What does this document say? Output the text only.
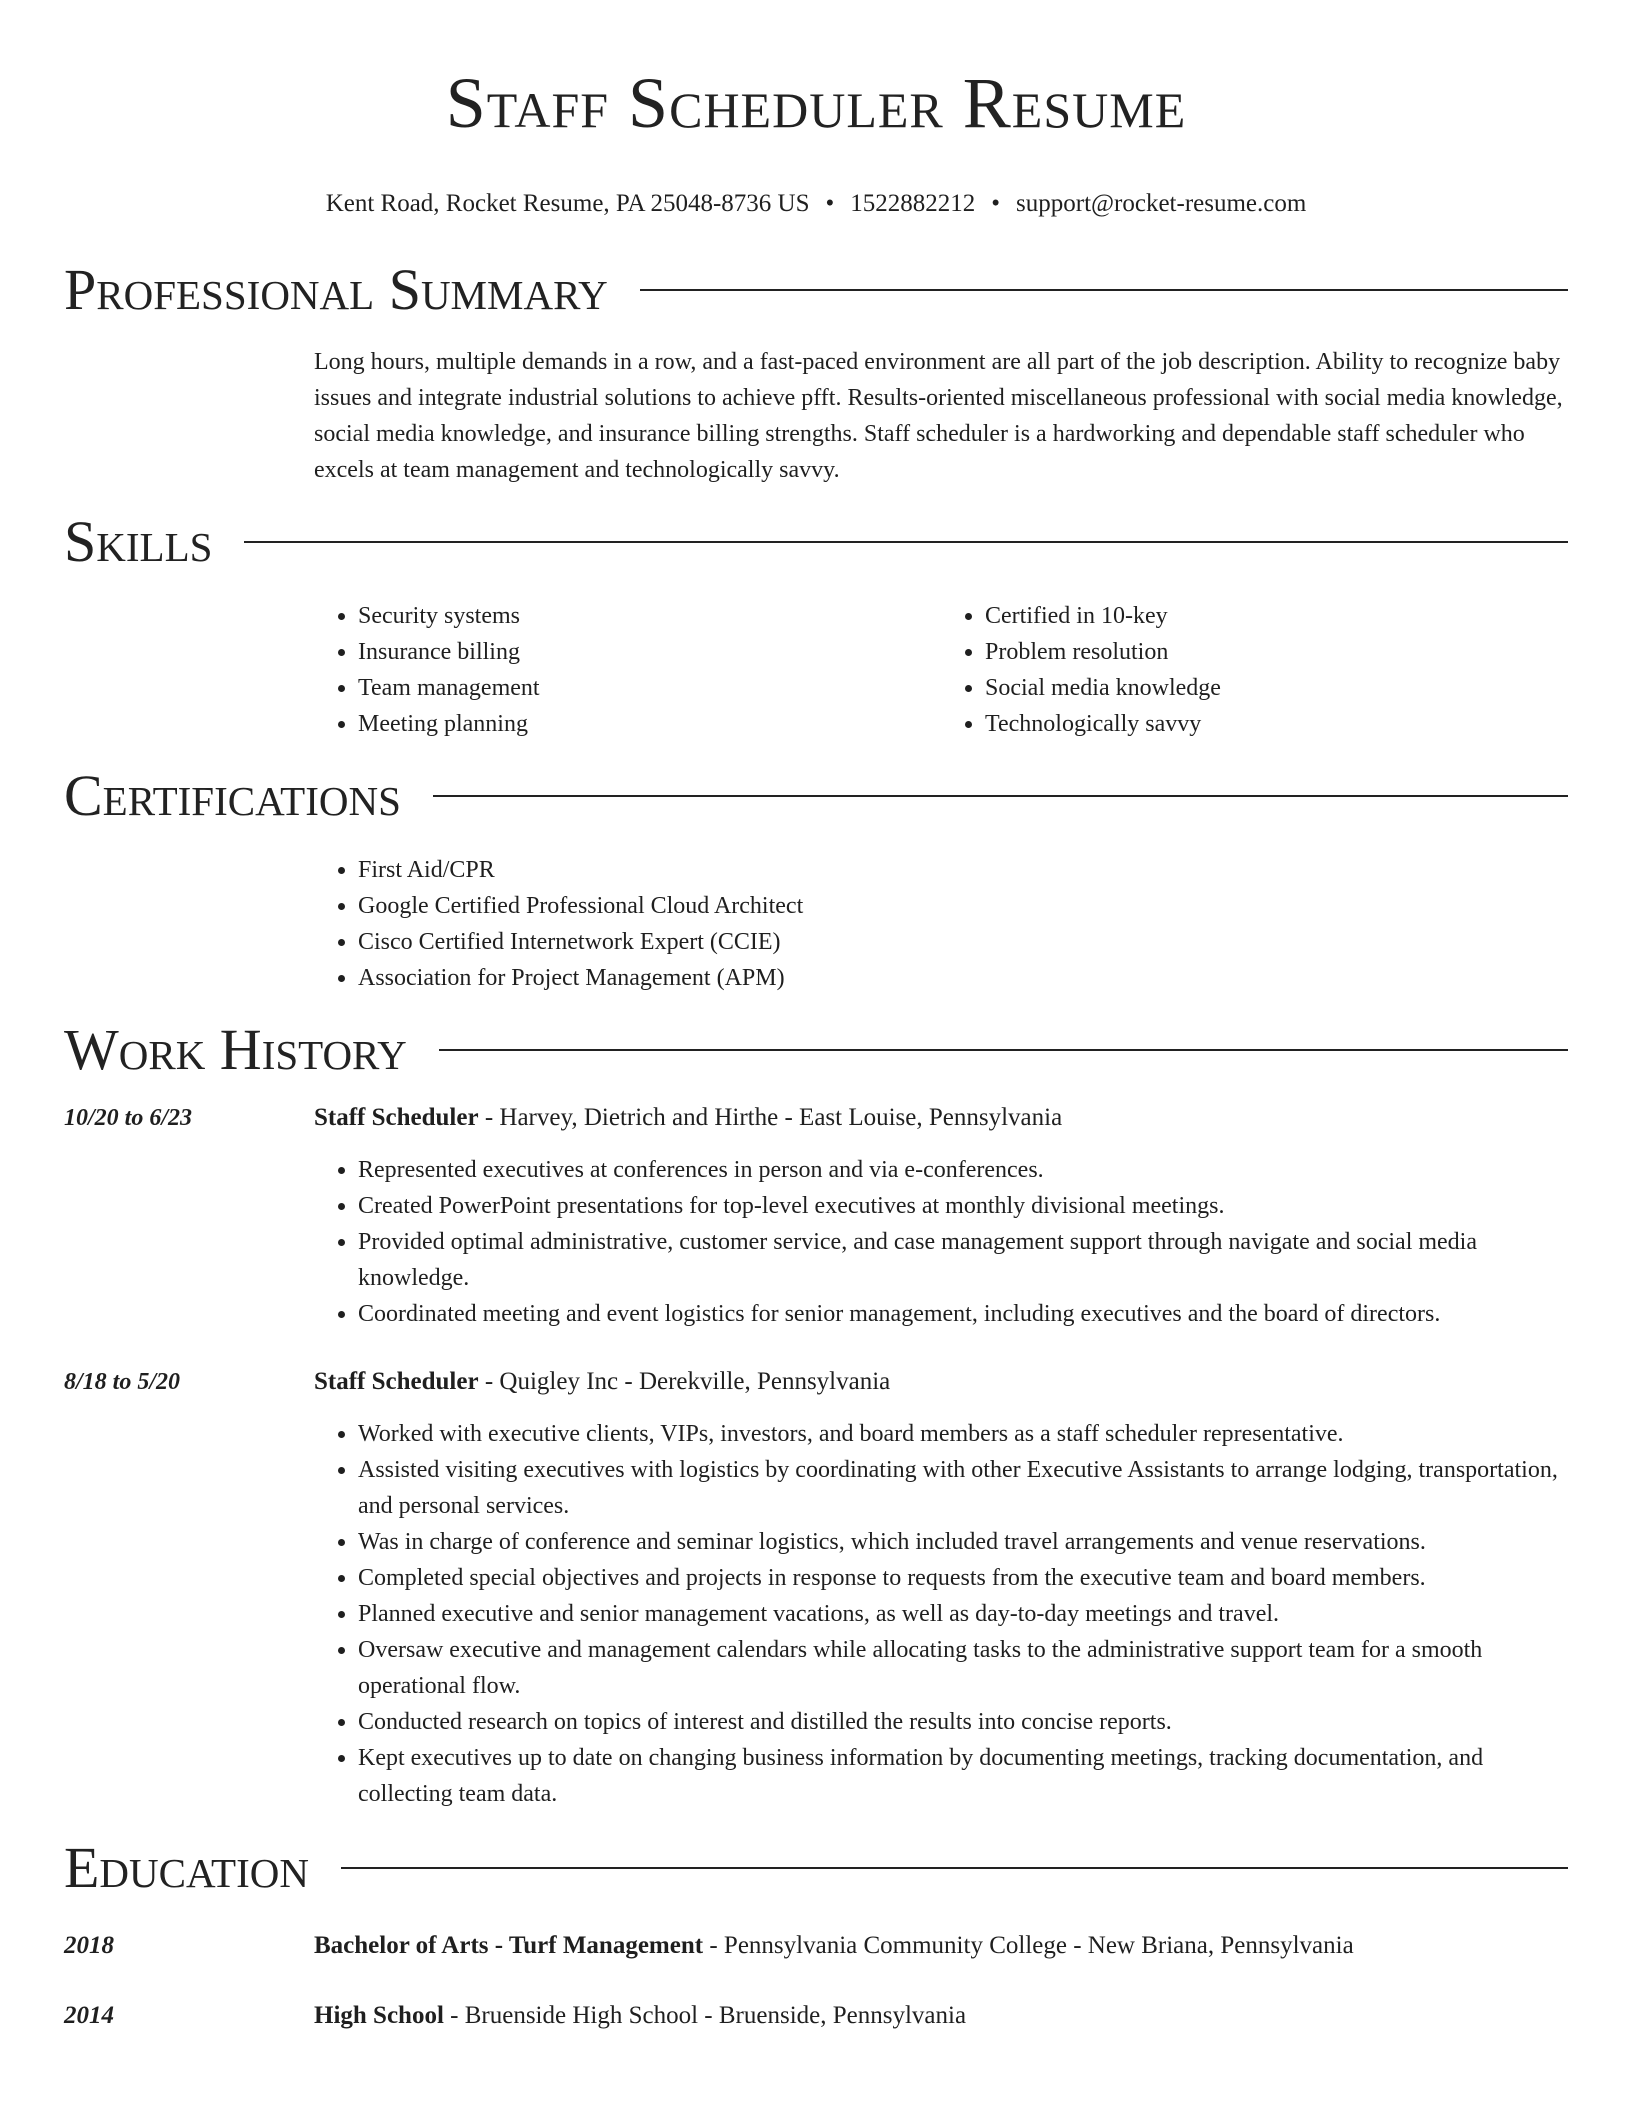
Staff Scheduler Resume
Kent Road, Rocket Resume, PA 25048-8736 US • 1522882212 • support@rocket-resume.com
Professional Summary
Long hours, multiple demands in a row, and a fast-paced environment are all part of the job description. Ability to recognize baby issues and integrate industrial solutions to achieve pfft. Results-oriented miscellaneous professional with social media knowledge, social media knowledge, and insurance billing strengths. Staff scheduler is a hardworking and dependable staff scheduler who excels at team management and technologically savvy.
Skills
• Security systems
• Insurance billing
• Team management
• Meeting planning
• Certified in 10-key
• Problem resolution
• Social media knowledge
• Technologically savvy
Certifications
• First Aid/CPR
• Google Certified Professional Cloud Architect
• Cisco Certified Internetwork Expert (CCIE)
• Association for Project Management (APM)
Work History
10/20 to 6/23	Staff Scheduler - Harvey, Dietrich and Hirthe - East Louise, Pennsylvania
• Represented executives at conferences in person and via e-conferences.
• Created PowerPoint presentations for top-level executives at monthly divisional meetings.
• Provided optimal administrative, customer service, and case management support through navigate and social media knowledge.
• Coordinated meeting and event logistics for senior management, including executives and the board of directors.
8/18 to 5/20	Staff Scheduler - Quigley Inc - Derekville, Pennsylvania
• Worked with executive clients, VIPs, investors, and board members as a staff scheduler representative.
• Assisted visiting executives with logistics by coordinating with other Executive Assistants to arrange lodging, transportation, and personal services.
• Was in charge of conference and seminar logistics, which included travel arrangements and venue reservations.
• Completed special objectives and projects in response to requests from the executive team and board members.
• Planned executive and senior management vacations, as well as day-to-day meetings and travel.
• Oversaw executive and management calendars while allocating tasks to the administrative support team for a smooth operational flow.
• Conducted research on topics of interest and distilled the results into concise reports.
• Kept executives up to date on changing business information by documenting meetings, tracking documentation, and collecting team data.
Education
2018	Bachelor of Arts - Turf Management - Pennsylvania Community College - New Briana, Pennsylvania
2014	High School - Bruenside High School - Bruenside, Pennsylvania
